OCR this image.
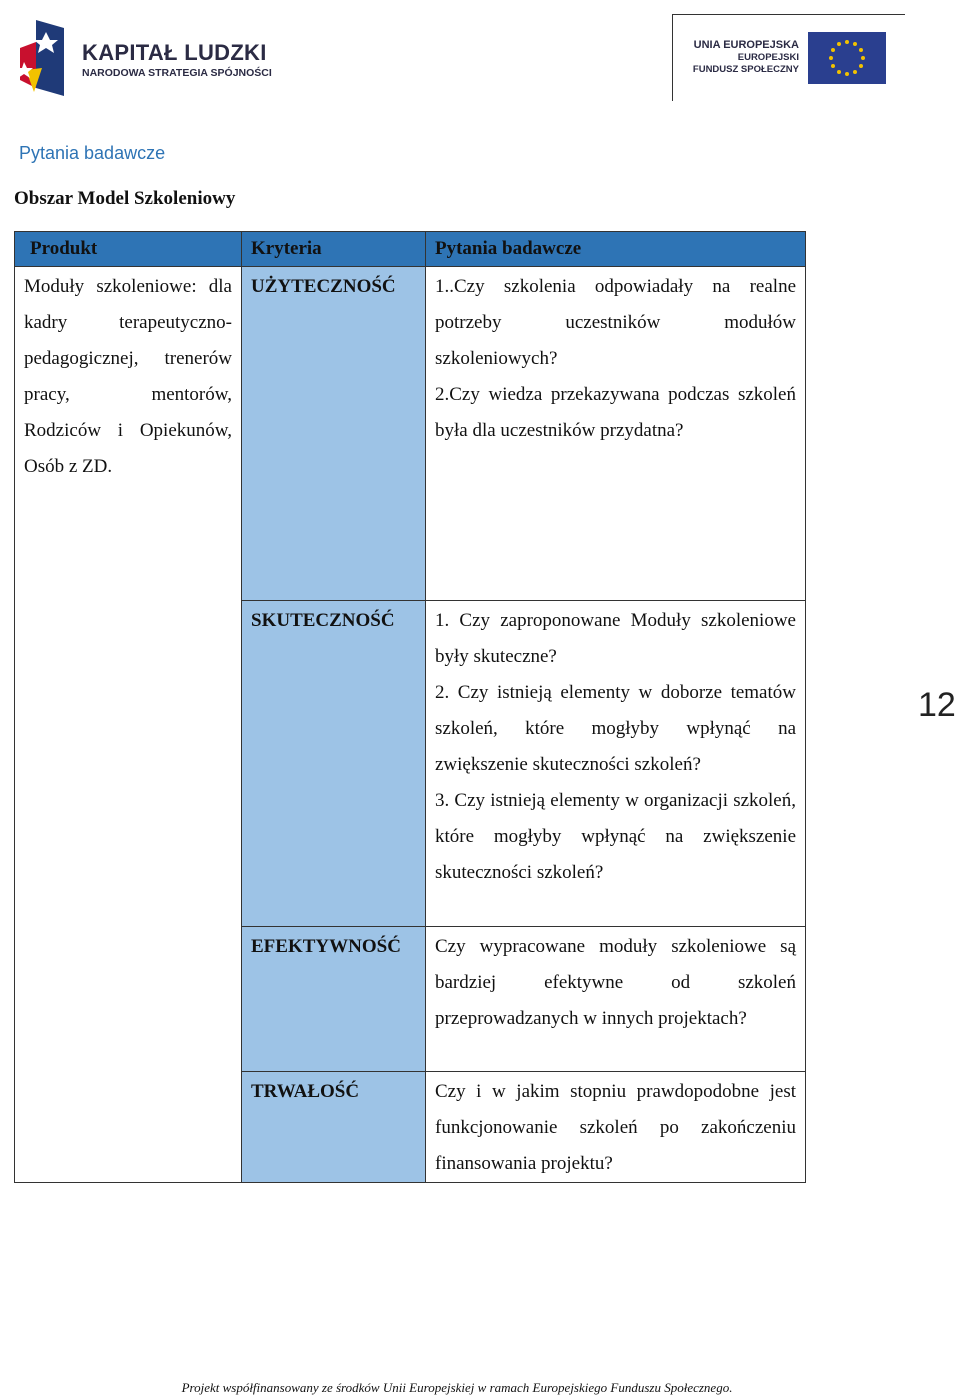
KAPITAŁ LUDZKI
NARODOWA STRATEGIA SPÓJNOŚCI
UNIA EUROPEJSKA
EUROPEJSKI
FUNDUSZ SPOŁECZNY
Pytania badawcze
Obszar Model Szkoleniowy
Produkt	Kryteria	Pytania badawcze
Moduły szkoleniowe: dla kadry terapeutyczno-pedagogicznej, trenerów pracy, mentorów, Rodziców i Opiekunów, Osób z ZD.	UŻYTECZNOŚĆ	1..Czy szkolenia odpowiadały na realne potrzeby uczestników modułów szkoleniowych?

2.Czy wiedza przekazywana podczas szkoleń była dla uczestników przydatna?

	SKUTECZNOŚĆ	1. Czy zaproponowane Moduły szkoleniowe były skuteczne?

2. Czy istnieją elementy w doborze tematów szkoleń, które mogłyby wpłynąć na zwiększenie skuteczności szkoleń?

3. Czy istnieją elementy w organizacji szkoleń, które mogłyby wpłynąć na zwiększenie skuteczności szkoleń?

	EFEKTYWNOŚĆ	Czy wypracowane moduły szkoleniowe są bardziej efektywne od szkoleń przeprowadzanych w innych projektach?

	TRWAŁOŚĆ	Czy i w jakim stopniu prawdopodobne jest funkcjonowanie szkoleń po zakończeniu finansowania projektu?

12
Projekt współfinansowany ze środków Unii Europejskiej w ramach Europejskiego Funduszu Społecznego.
